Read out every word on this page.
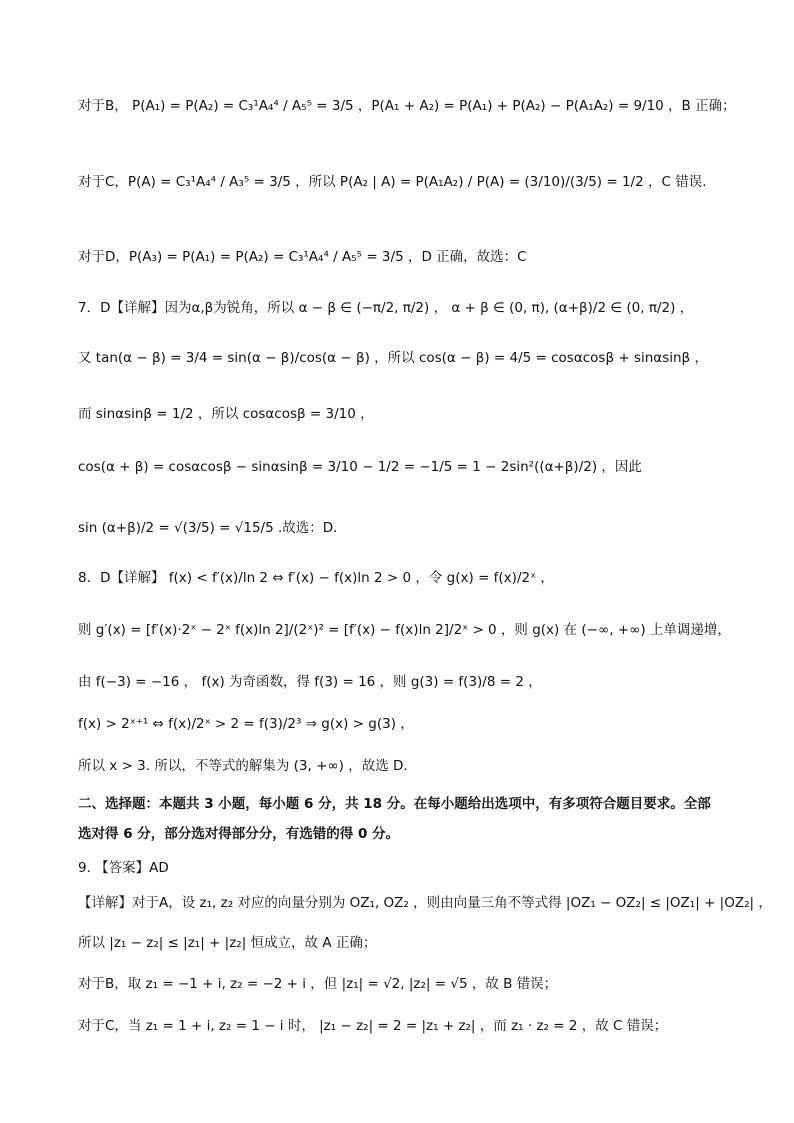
对于B， P(A₁) = P(A₂) = C₃¹A₄⁴ / A₅⁵ = 3/5 ，P(A₁ + A₂) = P(A₁) + P(A₂) − P(A₁A₂) = 9/10 ，B 正确；
对于C，P(A) = C₃¹A₄⁴ / A₃⁵ = 3/5 ，所以 P(A₂ | A) = P(A₁A₂) / P(A) = (3/10)/(3/5) = 1/2 ，C 错误.
对于D，P(A₃) = P(A₁) = P(A₂) = C₃¹A₄⁴ / A₅⁵ = 3/5 ，D 正确，故选：C
7．D【详解】因为α,β为锐角，所以 α − β ∈ (−π/2, π/2) ， α + β ∈ (0, π), (α+β)/2 ∈ (0, π/2) ，
又 tan(α − β) = 3/4 = sin(α − β)/cos(α − β) ，所以 cos(α − β) = 4/5 = cosαcosβ + sinαsinβ ，
而 sinαsinβ = 1/2 ，所以 cosαcosβ = 3/10 ，
cos(α + β) = cosαcosβ − sinαsinβ = 3/10 − 1/2 = −1/5 = 1 − 2sin²((α+β)/2) ，因此
sin (α+β)/2 = √(3/5) = √15/5 .故选：D．
8．D【详解】 f(x) < f′(x)/ln 2 ⇔ f′(x) − f(x)ln 2 > 0 ，令 g(x) = f(x)/2ˣ ，
则 g′(x) = [f′(x)·2ˣ − 2ˣ f(x)ln 2]/(2ˣ)² = [f′(x) − f(x)ln 2]/2ˣ > 0 ，则 g(x) 在 (−∞, +∞) 上单调递增，
由 f(−3) = −16 ， f(x) 为奇函数，得 f(3) = 16 ，则 g(3) = f(3)/8 = 2 ，
f(x) > 2ˣ⁺¹ ⇔ f(x)/2ˣ > 2 = f(3)/2³ ⇒ g(x) > g(3) ，
所以 x > 3. 所以，不等式的解集为 (3, +∞) ，故选 D.
二、选择题：本题共 3 小题，每小题 6 分，共 18 分。在每小题给出选项中，有多项符合题目要求。全部
选对得 6 分，部分选对得部分分，有选错的得 0 分。
9. 【答案】AD
【详解】对于A，设 z₁, z₂ 对应的向量分别为 OZ₁, OZ₂ ，则由向量三角不等式得 |OZ₁ − OZ₂| ≤ |OZ₁| + |OZ₂| ，
所以 |z₁ − z₂| ≤ |z₁| + |z₂| 恒成立，故 A 正确；
对于B，取 z₁ = −1 + i, z₂ = −2 + i ，但 |z₁| = √2, |z₂| = √5 ，故 B 错误；
对于C，当 z₁ = 1 + i, z₂ = 1 − i 时， |z₁ − z₂| = 2 = |z₁ + z₂| ，而 z₁ · z₂ = 2 ，故 C 错误；
